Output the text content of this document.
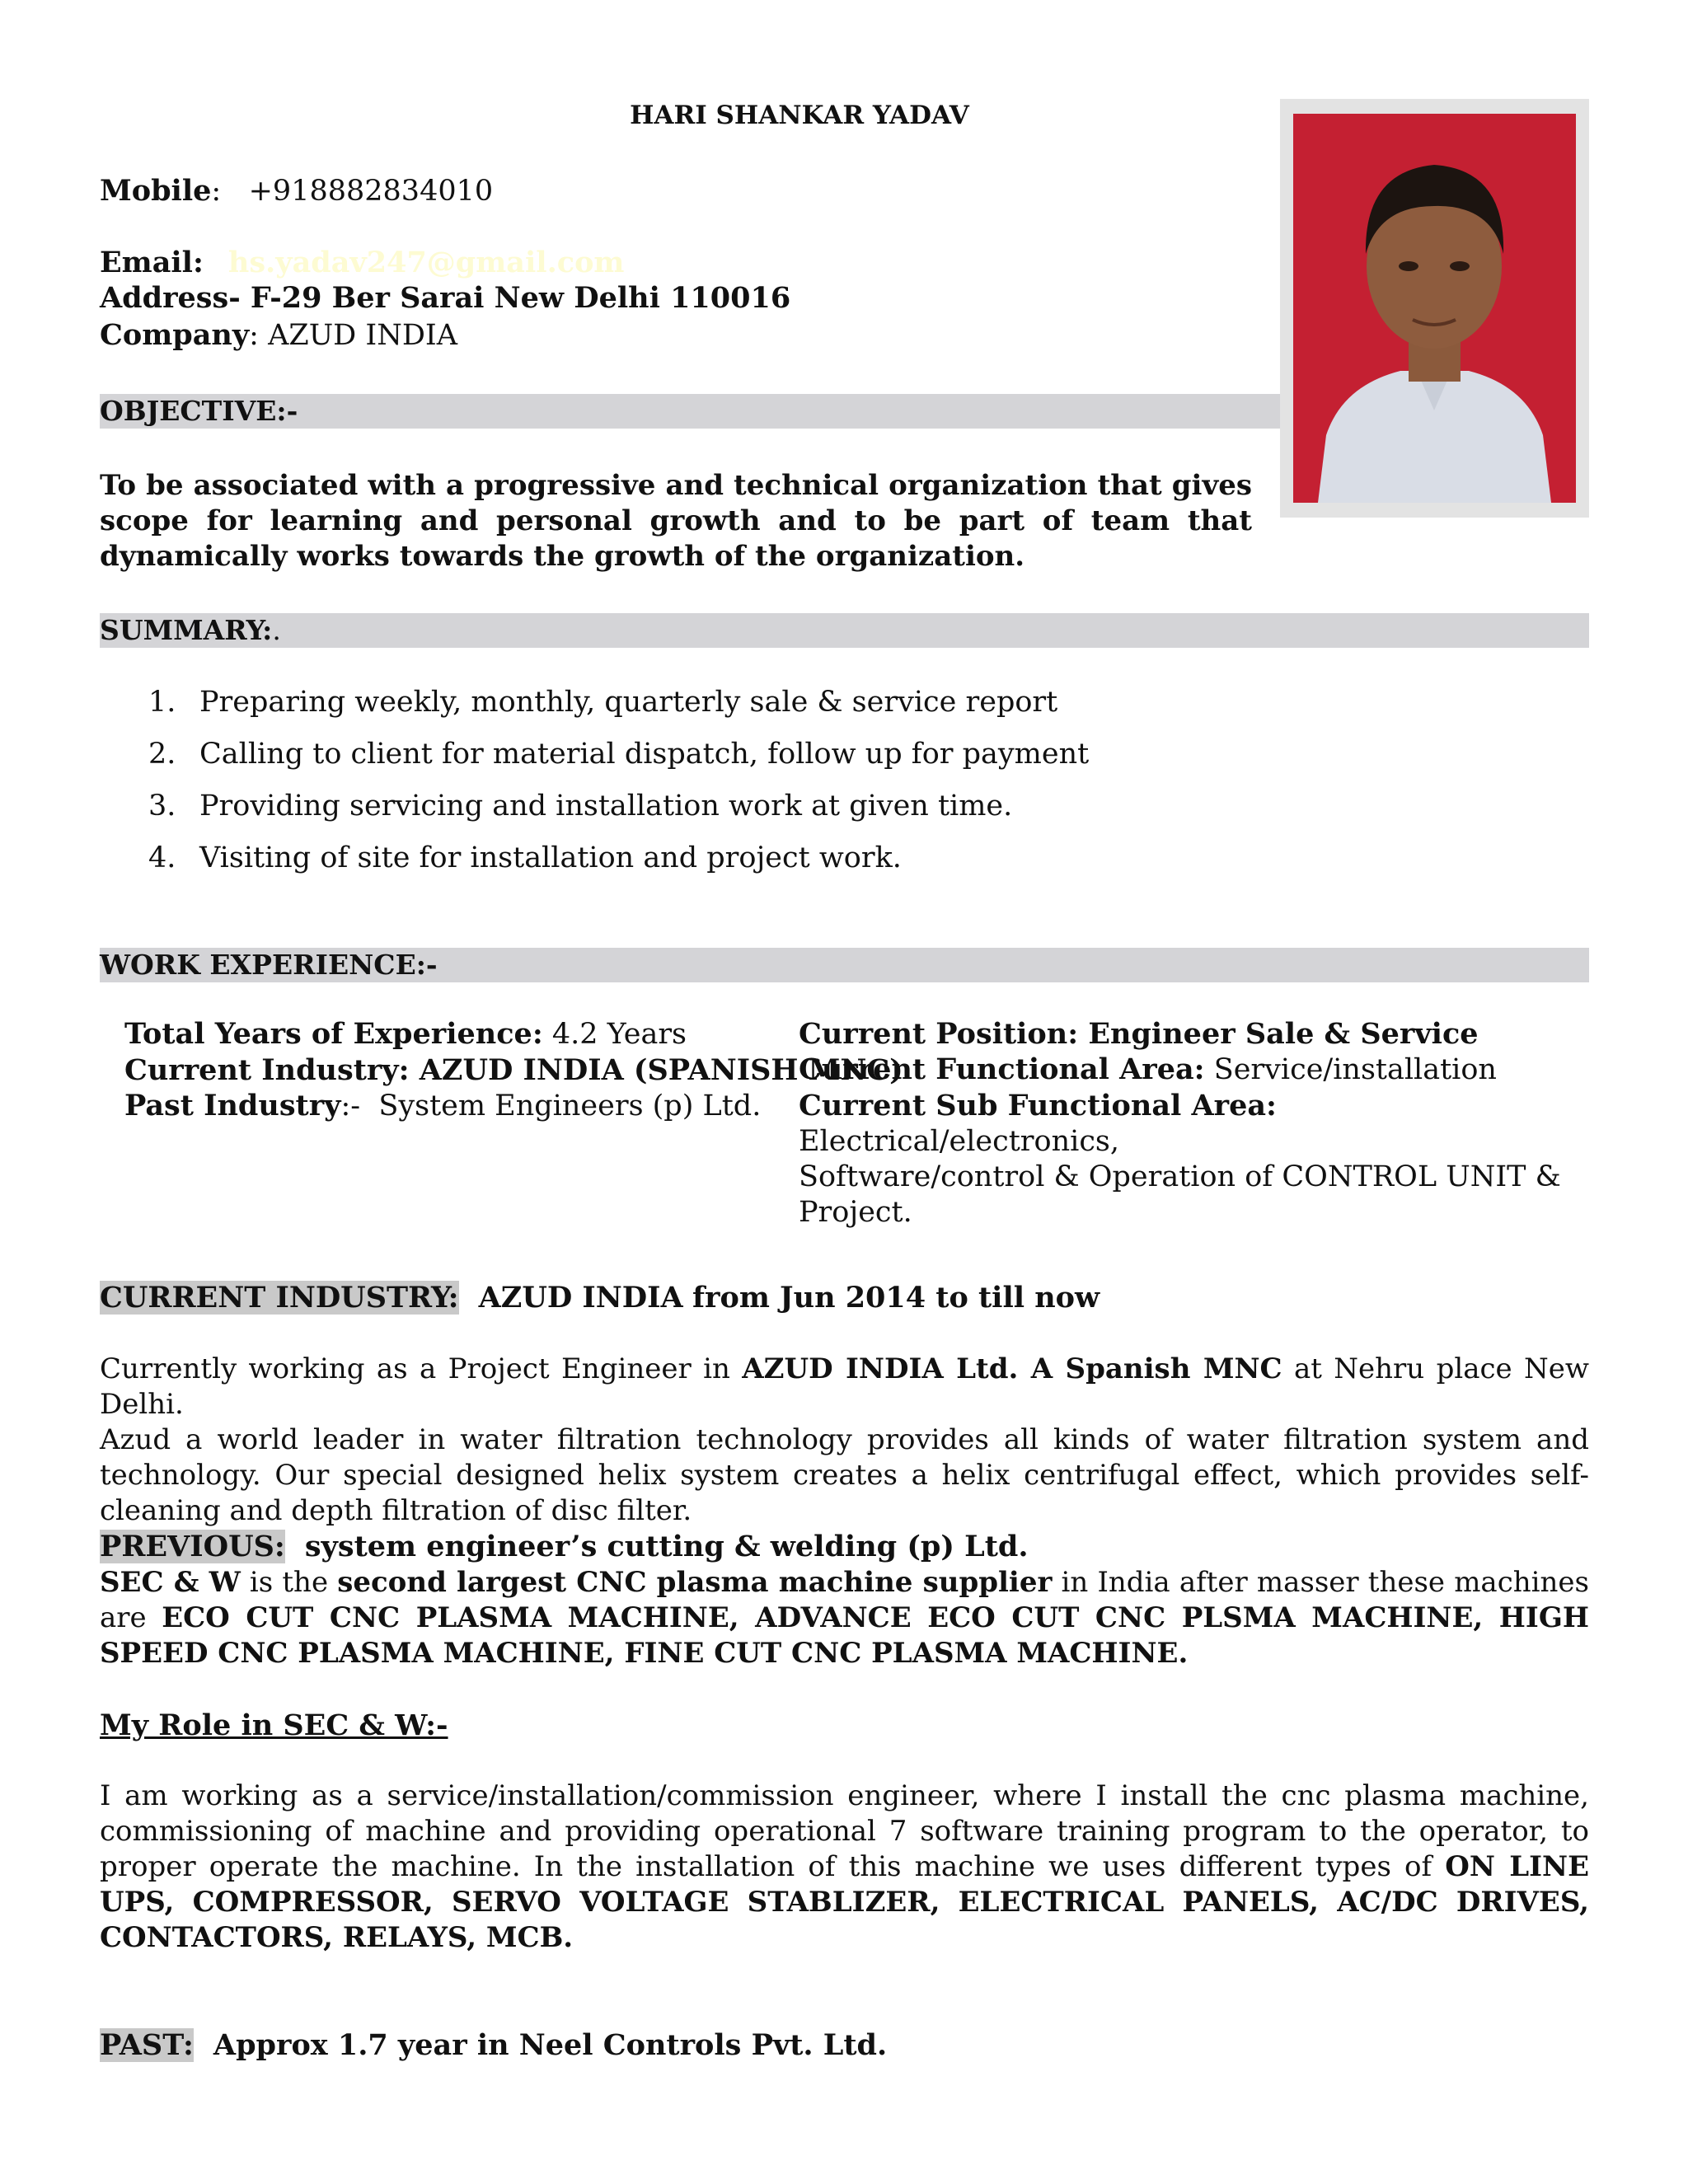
HARI SHANKAR YADAV
Mobile:   +918882834010
Email: hs.yadav247@gmail.com
Address- F-29 Ber Sarai New Delhi 110016
Company: AZUD INDIA
OBJECTIVE:-
To be associated with a progressive and technical organization that gives scope for learning and personal growth and to be part of team that dynamically works towards the growth of the organization.
SUMMARY:.
1. Preparing weekly, monthly, quarterly sale & service report
2. Calling to client for material dispatch, follow up for payment
3. Providing servicing and installation work at given time.
4. Visiting of site for installation and project work.
WORK EXPERIENCE:-
Total Years of Experience: 4.2 Years
Current Industry: AZUD INDIA (SPANISH MNC)
Past Industry:-  System Engineers (p) Ltd.
Current Position: Engineer Sale & Service
Current Functional Area: Service/installation
Current Sub Functional Area: Electrical/electronics,
Software/control & Operation of CONTROL UNIT &
Project.
CURRENT INDUSTRY: AZUD INDIA from Jun 2014 to till now
Currently working as a Project Engineer in AZUD INDIA Ltd. A Spanish MNC at Nehru place New Delhi.
Azud a world leader in water filtration technology provides all kinds of water filtration system and technology. Our special designed helix system creates a helix centrifugal effect, which provides self-cleaning and depth filtration of disc filter.
PREVIOUS: system engineer’s cutting & welding (p) Ltd.
SEC & W is the second largest CNC plasma machine supplier in India after masser these machines are ECO CUT CNC PLASMA MACHINE, ADVANCE ECO CUT CNC PLSMA MACHINE, HIGH SPEED CNC PLASMA MACHINE, FINE CUT CNC PLASMA MACHINE.
My Role in SEC & W:-
I am working as a service/installation/commission engineer, where I install the cnc plasma machine, commissioning of machine and providing operational 7 software training program to the operator, to proper operate the machine. In the installation of this machine we uses different types of ON LINE UPS, COMPRESSOR, SERVO VOLTAGE STABLIZER, ELECTRICAL PANELS, AC/DC DRIVES, CONTACTORS, RELAYS, MCB.
PAST: Approx 1.7 year in Neel Controls Pvt. Ltd.
